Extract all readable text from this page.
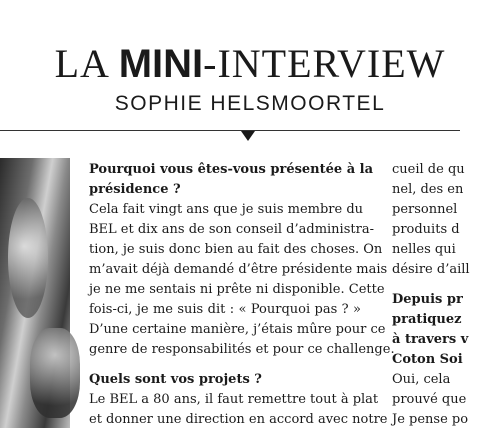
LA MINI-INTERVIEW
SOPHIE HELSMOORTEL
Pourquoi vous êtes-vous présentée à la
présidence ?
Cela fait vingt ans que je suis membre du
BEL et dix ans de son conseil d’administra-
tion, je suis donc bien au fait des choses. On
m’avait déjà demandé d’être présidente mais
je ne me sentais ni prête ni disponible. Cette
fois-ci, je me suis dit : « Pourquoi pas ? »
D’une certaine manière, j’étais mûre pour ce
genre de responsabilités et pour ce challenge.
Quels sont vos projets ?
Le BEL a 80 ans, il faut remettre tout à plat
et donner une direction en accord avec notre
cueil de qu
nel, des en
personnel
produits d
nelles qui
désire d’aill
Depuis pr
pratiquez
à travers v
Coton Soi
Oui, cela
prouvé que
Je pense po
